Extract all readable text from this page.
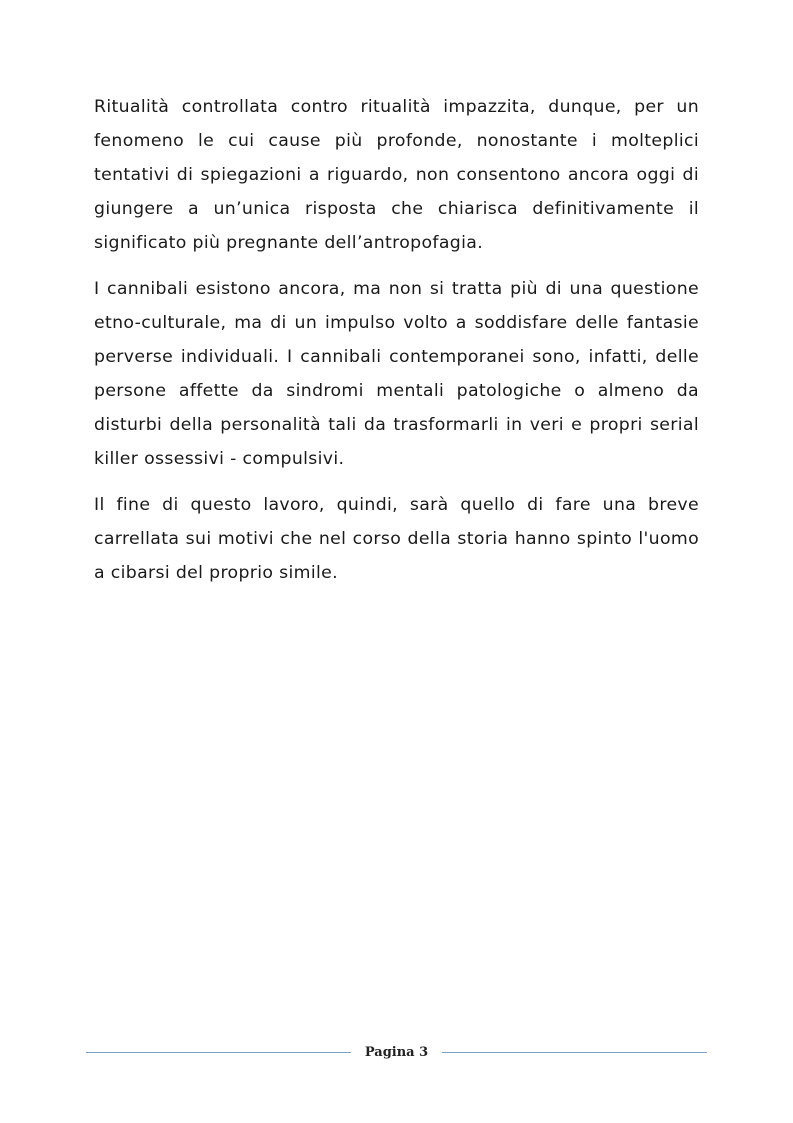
Ritualità controllata contro ritualità impazzita, dunque, per un fenomeno le cui cause più profonde, nonostante i molteplici tentativi di spiegazioni a riguardo, non consentono ancora oggi di giungere a un’unica risposta che chiarisca definitivamente il significato più pregnante dell’antropofagia.

I cannibali esistono ancora, ma non si tratta più di una questione etno-culturale, ma di un impulso volto a soddisfare delle fantasie perverse individuali. I cannibali contemporanei sono, infatti, delle persone affette da sindromi mentali patologiche o almeno da disturbi della personalità tali da trasformarli in veri e propri serial killer ossessivi - compulsivi.

Il fine di questo lavoro, quindi, sarà quello di fare una breve carrellata sui motivi che nel corso della storia hanno spinto l'uomo a cibarsi del proprio simile.

Pagina 3
